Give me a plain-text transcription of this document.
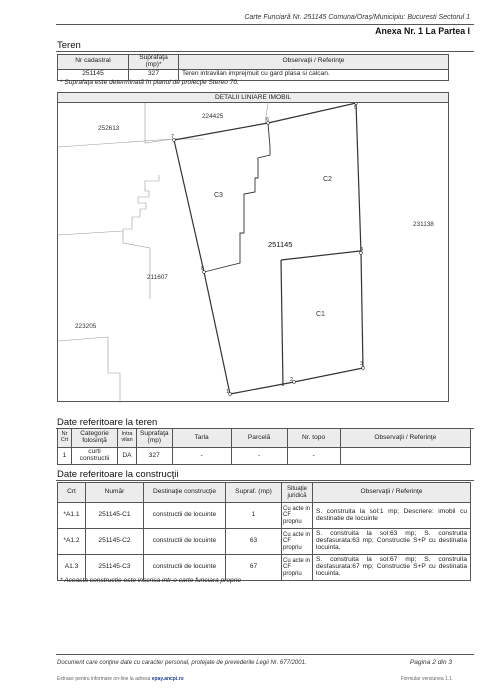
Carte Funciară Nr. 251145 Comuna/Oraş/Municipiu: Bucuresti Sectorul 1
Anexa Nr. 1 La Partea I
Teren
Nr cadastral	Suprafaţa (mp)*	Observaţii / Referinţe
251145	327	Teren intravilan imprejmuit cu gard plasa si calcan.
* Suprafaţa este determinată în planul de proiecţie Stereo 70.
DETALII LINIARE IMOBIL
252613
224425
231138
211607
223205
251145
C1
C2
C3
1
2
3
4
5
6
7
8
Date referitoare la teren
Nr Crt	Categorie folosinţă	Intra vilan	Suprafaţa (mp)	Tarla	Parcelă	Nr. topo	Observaţii / Referinţe
1	curti constructii	DA	327	-	-	-	
Date referitoare la construcţii
Crt	Număr	Destinaţie construcţie	Supraf. (mp)	Situaţie juridică	Observaţii / Referinţe
*A1.1	251145-C1	constructii de locuinte	1	Cu acte in CF propriu	S. construita la sol:1 mp; Descriere: imobil cu destinatie de locuinte
*A1.2	251145-C2	constructii de locuinte	63	Cu acte in CF propriu	S. construita la sol:63 mp; S. construita desfasurata:63 mp; Constructie S+P cu destinatia locuinta.
A1.3	251145-C3	constructii de locuinte	67	Cu acte in CF propriu	S. construita la sol:67 mp; S. construita desfasurata:67 mp; Constructie S+P cu destinatia locuinta.
* Aceasta constructie este inscrisa intr-o carte funciara proprie
Document care conţine date cu caracter personal, protejate de prevederile Legii Nr. 677/2001.	Pagina 2 din 3
Extrase pentru informare on-line la adresa epay.ancpi.ro	Formular versiunea 1.1
